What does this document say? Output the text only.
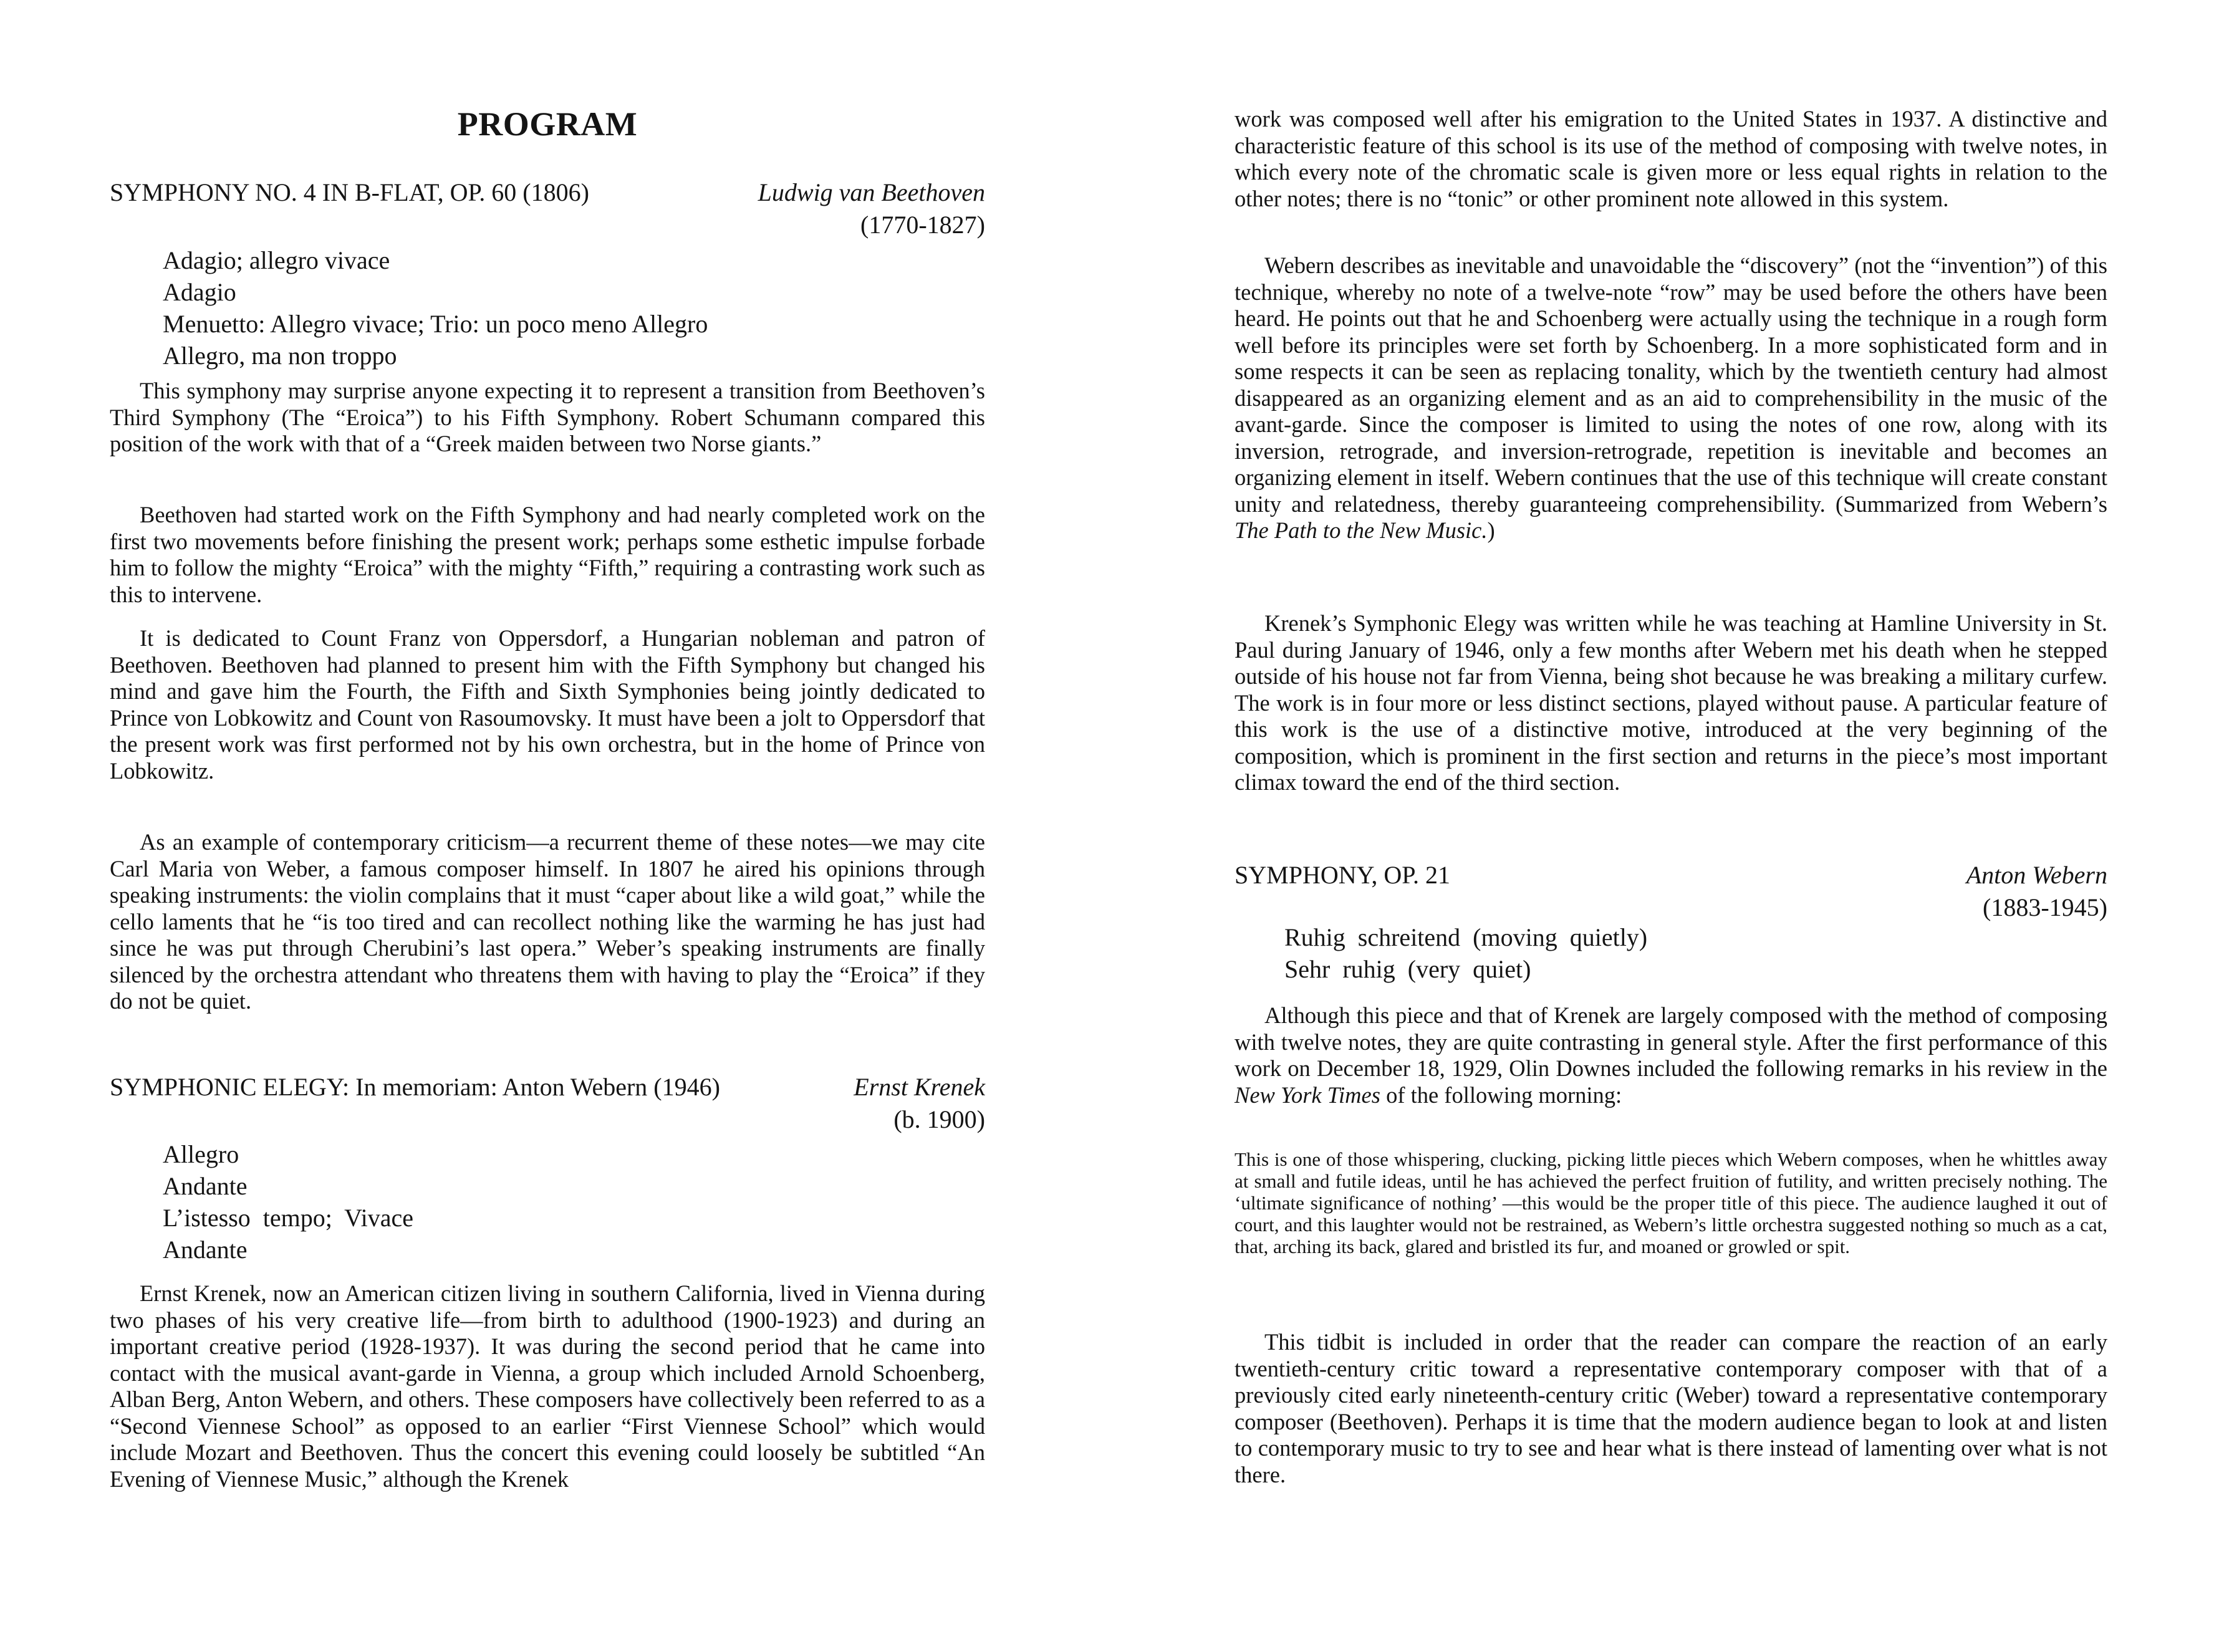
PROGRAM
SYMPHONY NO. 4 IN B-FLAT, OP. 60 (1806)	Ludwig van Beethoven
(1770-1827)
Adagio; allegro vivace
Adagio
Menuetto: Allegro vivace; Trio: un poco meno Allegro
Allegro, ma non troppo

This symphony may surprise anyone expecting it to represent a transition from Beethoven’s Third Symphony (The “Eroica”) to his Fifth Symphony. Robert Schumann compared this position of the work with that of a “Greek maiden between two Norse giants.”

Beethoven had started work on the Fifth Symphony and had nearly completed work on the first two movements before finishing the present work; perhaps some esthetic impulse forbade him to follow the mighty “Eroica” with the mighty “Fifth,” requiring a contrasting work such as this to intervene.

It is dedicated to Count Franz von Oppersdorf, a Hungarian nobleman and patron of Beethoven. Beethoven had planned to present him with the Fifth Symphony but changed his mind and gave him the Fourth, the Fifth and Sixth Symphonies being jointly dedicated to Prince von Lobkowitz and Count von Rasoumovsky. It must have been a jolt to Oppersdorf that the present work was first performed not by his own orchestra, but in the home of Prince von Lobkowitz.

As an example of contemporary criticism—a recurrent theme of these notes—we may cite Carl Maria von Weber, a famous composer himself. In 1807 he aired his opinions through speaking instruments: the violin complains that it must “caper about like a wild goat,” while the cello laments that he “is too tired and can recollect nothing like the warming he has just had since he was put through Cherubini’s last opera.” Weber’s speaking instruments are finally silenced by the orchestra attendant who threatens them with having to play the “Eroica” if they do not be quiet.

SYMPHONIC ELEGY: In memoriam: Anton Webern (1946)	Ernst Krenek
(b. 1900)
Allegro
Andante
L’istesso  tempo;  Vivace
Andante

Ernst Krenek, now an American citizen living in southern California, lived in Vienna during two phases of his very creative life—from birth to adulthood (1900-1923) and during an important creative period (1928-1937). It was during the second period that he came into contact with the musical avant-garde in Vienna, a group which included Arnold Schoenberg, Alban Berg, Anton Webern, and others. These composers have collectively been referred to as a “Second Viennese School” as opposed to an earlier “First Viennese School” which would include Mozart and Beethoven. Thus the concert this evening could loosely be subtitled “An Evening of Viennese Music,” although the Krenek

work was composed well after his emigration to the United States in 1937. A distinctive and characteristic feature of this school is its use of the method of composing with twelve notes, in which every note of the chromatic scale is given more or less equal rights in relation to the other notes; there is no “tonic” or other prominent note allowed in this system.

Webern describes as inevitable and unavoidable the “discovery” (not the “invention”) of this technique, whereby no note of a twelve-note “row” may be used before the others have been heard. He points out that he and Schoenberg were actually using the technique in a rough form well before its principles were set forth by Schoenberg. In a more sophisticated form and in some respects it can be seen as replacing tonality, which by the twentieth century had almost disappeared as an organizing element and as an aid to comprehensibility in the music of the avant-garde. Since the composer is limited to using the notes of one row, along with its inversion, retrograde, and inversion-retrograde, repetition is inevitable and becomes an organizing element in itself. Webern continues that the use of this technique will create constant unity and relatedness, thereby guaranteeing comprehensibility. (Summarized from Webern’s The Path to the New Music.)

Krenek’s Symphonic Elegy was written while he was teaching at Hamline University in St. Paul during January of 1946, only a few months after Webern met his death when he stepped outside of his house not far from Vienna, being shot because he was breaking a military curfew. The work is in four more or less distinct sections, played without pause. A particular feature of this work is the use of a distinctive motive, introduced at the very beginning of the composition, which is prominent in the first section and returns in the piece’s most important climax toward the end of the third section.

SYMPHONY, OP. 21	Anton Webern
(1883-1945)
Ruhig  schreitend  (moving  quietly)
Sehr  ruhig  (very  quiet)

Although this piece and that of Krenek are largely composed with the method of composing with twelve notes, they are quite contrasting in general style. After the first performance of this work on December 18, 1929, Olin Downes included the following remarks in his review in the New York Times of the following morning:

This is one of those whispering, clucking, picking little pieces which Webern composes, when he whittles away at small and futile ideas, until he has achieved the perfect fruition of futility, and written precisely nothing. The ‘ultimate significance of nothing’ —this would be the proper title of this piece. The audience laughed it out of court, and this laughter would not be restrained, as Webern’s little orchestra suggested nothing so much as a cat, that, arching its back, glared and bristled its fur, and moaned or growled or spit.

This tidbit is included in order that the reader can compare the reaction of an early twentieth-century critic toward a representative contemporary composer with that of a previously cited early nineteenth-century critic (Weber) toward a representative contemporary composer (Beethoven). Perhaps it is time that the modern audience began to look at and listen to contemporary music to try to see and hear what is there instead of lamenting over what is not there.
